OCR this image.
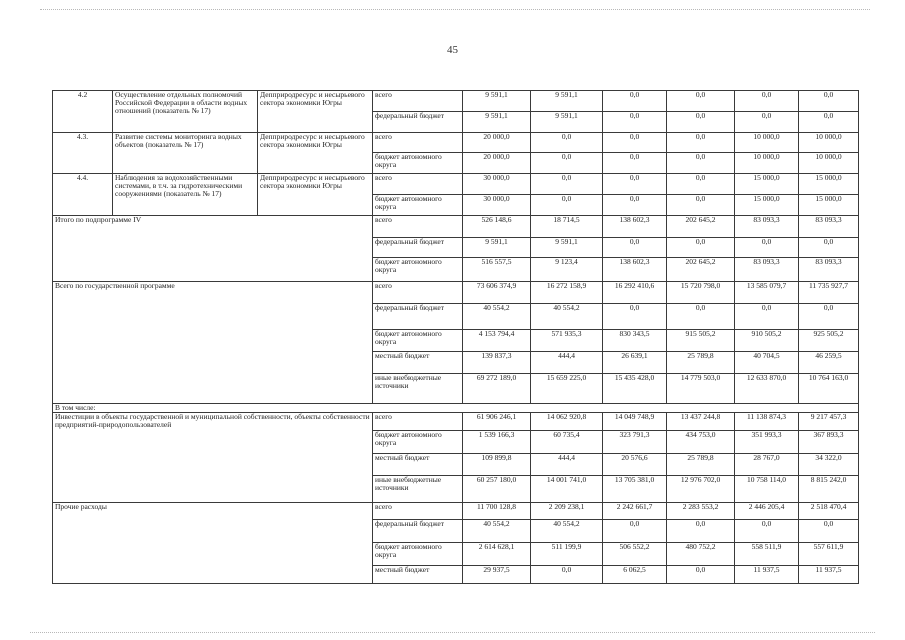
45
4.2	Осуществление отдельных полномочий Российской Федерации в области водных отношений (показатель № 17)	Депприродресурс и несырьевого сектора экономики Югры	всего	9 591,1	9 591,1	0,0	0,0	0,0	0,0
			федеральный бюджет	9 591,1	9 591,1	0,0	0,0	0,0	0,0
4.3.	Развитие системы мониторинга водных объектов (показатель № 17)	Депприродресурс и несырьевого сектора экономики Югры	всего	20 000,0	0,0	0,0	0,0	10 000,0	10 000,0
			бюджет автономного округа	20 000,0	0,0	0,0	0,0	10 000,0	10 000,0
4.4.	Наблюдения за водохозяйственными системами, в т.ч. за гидротехническими сооружениями (показатель № 17)	Депприродресурс и несырьевого сектора экономики Югры	всего	30 000,0	0,0	0,0	0,0	15 000,0	15 000,0
			бюджет автономного округа	30 000,0	0,0	0,0	0,0	15 000,0	15 000,0
Итого по подпрограмме IV			всего	526 148,6	18 714,5	138 602,3	202 645,2	83 093,3	83 093,3
			федеральный бюджет	9 591,1	9 591,1	0,0	0,0	0,0	0,0
			бюджет автономного округа	516 557,5	9 123,4	138 602,3	202 645,2	83 093,3	83 093,3
Всего по государственной программе			всего	73 606 374,9	16 272 158,9	16 292 410,6	15 720 798,0	13 585 079,7	11 735 927,7
			федеральный бюджет	40 554,2	40 554,2	0,0	0,0	0,0	0,0
			бюджет автономного округа	4 153 794,4	571 935,3	830 343,5	915 505,2	910 505,2	925 505,2
			местный бюджет	139 837,3	444,4	26 639,1	25 789,8	40 704,5	46 259,5
			иные внебюджетные источники	69 272 189,0	15 659 225,0	15 435 428,0	14 779 503,0	12 633 870,0	10 764 163,0
В том числе:									
Инвестиции в объекты государственной и муниципальной собственности, объекты собственности предприятий-природопользователей			всего	61 906 246,1	14 062 920,8	14 049 748,9	13 437 244,8	11 138 874,3	9 217 457,3
			бюджет автономного округа	1 539 166,3	60 735,4	323 791,3	434 753,0	351 993,3	367 893,3
			местный бюджет	109 899,8	444,4	20 576,6	25 789,8	28 767,0	34 322,0
			иные внебюджетные источники	60 257 180,0	14 001 741,0	13 705 381,0	12 976 702,0	10 758 114,0	8 815 242,0
Прочие расходы			всего	11 700 128,8	2 209 238,1	2 242 661,7	2 283 553,2	2 446 205,4	2 518 470,4
			федеральный бюджет	40 554,2	40 554,2	0,0	0,0	0,0	0,0
			бюджет автономного округа	2 614 628,1	511 199,9	506 552,2	480 752,2	558 511,9	557 611,9
			местный бюджет	29 937,5	0,0	6 062,5	0,0	11 937,5	11 937,5
